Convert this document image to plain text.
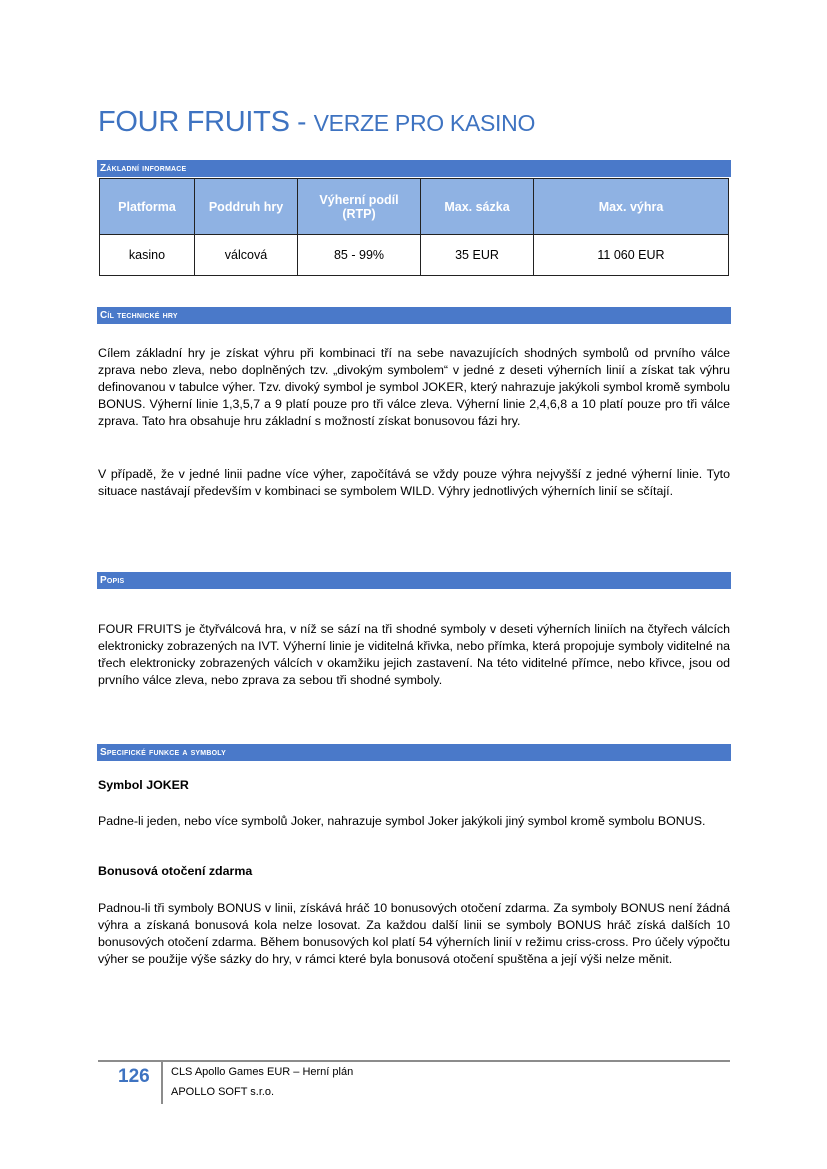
FOUR FRUITS - VERZE PRO KASINO
Základní informace
Platforma	Poddruh hry	Výherní podíl (RTP)	Max. sázka	Max. výhra
kasino	válcová	85 - 99%	35 EUR	11 060 EUR
Cíl technické hry
Cílem základní hry je získat výhru při kombinaci tří na sebe navazujících shodných symbolů od prvního válce zprava nebo zleva, nebo doplněných tzv. „divokým symbolem“ v jedné z deseti výherních linií a získat tak výhru definovanou v tabulce výher. Tzv. divoký symbol je symbol JOKER, který nahrazuje jakýkoli symbol kromě symbolu BONUS. Výherní linie 1,3,5,7 a 9 platí pouze pro tři válce zleva. Výherní linie 2,4,6,8 a 10 platí pouze pro tři válce zprava. Tato hra obsahuje hru základní s možností získat bonusovou fázi hry.
V případě, že v jedné linii padne více výher, započítává se vždy pouze výhra nejvyšší z jedné výherní linie. Tyto situace nastávají především v kombinaci se symbolem WILD. Výhry jednotlivých výherních linií se sčítají.
Popis
FOUR FRUITS je čtyřválcová hra, v níž se sází na tři shodné symboly v deseti výherních liniích na čtyřech válcích elektronicky zobrazených na IVT. Výherní linie je viditelná křivka, nebo přímka, která propojuje symboly viditelné na třech elektronicky zobrazených válcích v okamžiku jejich zastavení. Na této viditelné přímce, nebo křivce, jsou od prvního válce zleva, nebo zprava za sebou tři shodné symboly.
Specifické funkce a symboly
Symbol JOKER
Padne-li jeden, nebo více symbolů Joker, nahrazuje symbol Joker jakýkoli jiný symbol kromě symbolu BONUS.
Bonusová otočení zdarma
Padnou-li tři symboly BONUS v linii, získává hráč 10 bonusových otočení zdarma. Za symboly BONUS není žádná výhra a získaná bonusová kola nelze losovat. Za každou další linii se symboly BONUS hráč získá dalších 10 bonusových otočení zdarma. Během bonusových kol platí 54 výherních linií v režimu criss-cross. Pro účely výpočtu výher se použije výše sázky do hry, v rámci které byla bonusová otočení spuštěna a její výši nelze měnit.
126 CLS Apollo Games EUR – Herní plán
APOLLO SOFT s.r.o.
